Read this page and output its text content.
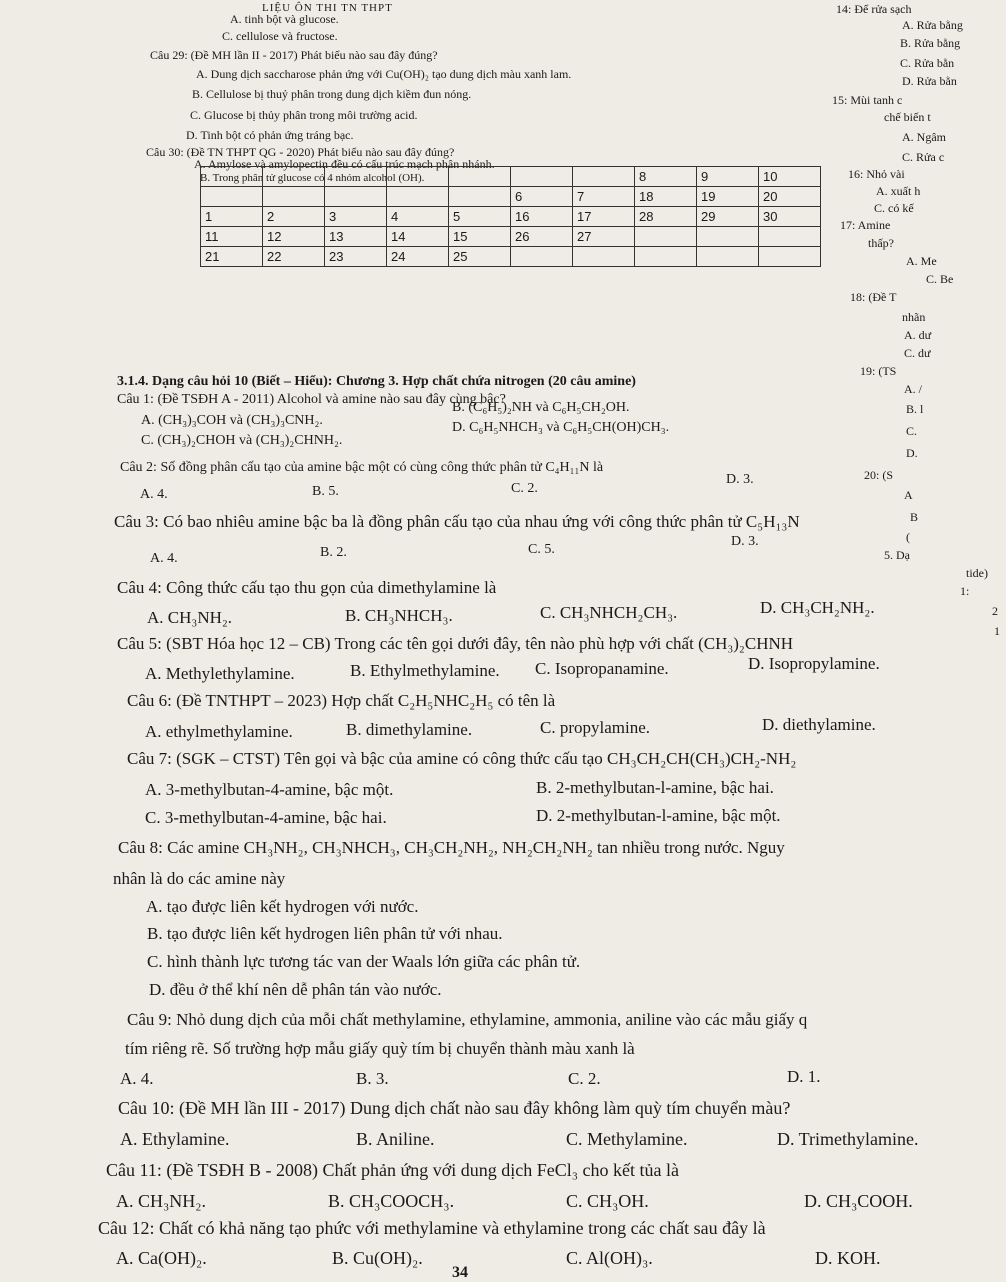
LIỆU ÔN THI TN THPT
A. tinh bột và glucose.
C. cellulose và fructose.
Câu 29: (Đề MH lần II - 2017) Phát biểu nào sau đây đúng?
A. Dung dịch saccharose phản ứng với Cu(OH)₂ tạo dung dịch màu xanh lam.
B. Cellulose bị thuỷ phân trong dung dịch kiềm đun nóng.
C. Glucose bị thủy phân trong môi trường acid.
D. Tinh bột có phản ứng tráng bạc.
Câu 30: (Đề TN THPT QG - 2020) Phát biểu nào sau đây đúng?
A. Amylose và amylopectin đều có cấu trúc mạch phân nhánh.
B. Trong phân tử glucose có 4 nhóm alcohol (OH).
								8	9	10
					6	7	18	19	20
1	2	3	4	5	16	17	28	29	30
11	12	13	14	15	26	27			
21	22	23	24	25					
14: Để rửa sạch
A. Rửa bằng
B. Rửa bằng
C. Rửa bằn
D. Rửa bằn
15: Mùi tanh c
chế biến t
A. Ngâm
C. Rửa c
16: Nhỏ vài
A. xuất h
C. có kế
17: Amine
thấp?
A. Me
C. Be
18: (Đề T
nhãn
A. dư
C. dư
19: (TS
A. /
B. l
C.
D.
20: (S
A
B
(
5. Dạ
tide)
1:
2
1
3.1.4. Dạng câu hỏi 10 (Biết – Hiểu): Chương 3. Hợp chất chứa nitrogen (20 câu amine)
Câu 1: (Đề TSĐH A - 2011) Alcohol và amine nào sau đây cùng bậc?
A. (CH₃)₃COH và (CH₃)₃CNH₂.
B. (C₆H₅)₂NH và C₆H₅CH₂OH.
C. (CH₃)₂CHOH và (CH₃)₂CHNH₂.
D. C₆H₅NHCH₃ và C₆H₅CH(OH)CH₃.
Câu 2: Số đồng phân cấu tạo của amine bậc một có cùng công thức phân tử C₄H₁₁N là
A. 4.	B. 5.	C. 2.
D. 3.
Câu 3: Có bao nhiêu amine bậc ba là đồng phân cấu tạo của nhau ứng với công thức phân tử C₅H₁₃N
A. 4.	B. 2.	C. 5.
D. 3.
Câu 4: Công thức cấu tạo thu gọn của dimethylamine là
A. CH₃NH₂.	B. CH₃NHCH₃.	C. CH₃NHCH₂CH₃.	D. CH₃CH₂NH₂.
Câu 5: (SBT Hóa học 12 – CB) Trong các tên gọi dưới đây, tên nào phù hợp với chất (CH₃)₂CHNH
A. Methylethylamine.	B. Ethylmethylamine. C. Isopropanamine.	D. Isopropylamine.
Câu 6: (Đề TNTHPT – 2023) Hợp chất C₂H₅NHC₂H₅ có tên là
A. ethylmethylamine.	B. dimethylamine.	C. propylamine.	D. diethylamine.
Câu 7: (SGK – CTST) Tên gọi và bậc của amine có công thức cấu tạo CH₃CH₂CH(CH₃)CH₂-NH₂
A. 3-methylbutan-4-amine, bậc một.	B. 2-methylbutan-l-amine, bậc hai.
C. 3-methylbutan-4-amine, bậc hai.	D. 2-methylbutan-l-amine, bậc một.
Câu 8: Các amine CH₃NH₂, CH₃NHCH₃, CH₃CH₂NH₂, NH₂CH₂NH₂ tan nhiều trong nước. Nguy
nhân là do các amine này
A. tạo được liên kết hydrogen với nước.
B. tạo được liên kết hydrogen liên phân tử với nhau.
C. hình thành lực tương tác van der Waals lớn giữa các phân tử.
D. đều ở thể khí nên dễ phân tán vào nước.
Câu 9: Nhỏ dung dịch của mỗi chất methylamine, ethylamine, ammonia, aniline vào các mẫu giấy q
tím riêng rẽ. Số trường hợp mẫu giấy quỳ tím bị chuyển thành màu xanh là
A. 4.	B. 3.	C. 2.	D. 1.
Câu 10: (Đề MH lần III - 2017) Dung dịch chất nào sau đây không làm quỳ tím chuyển màu?
A. Ethylamine.	B. Aniline.	C. Methylamine.	D. Trimethylamine.
Câu 11: (Đề TSĐH B - 2008) Chất phản ứng với dung dịch FeCl₃ cho kết tủa là
A. CH₃NH₂.	B. CH₃COOCH₃.	C. CH₃OH.	D. CH₃COOH.
Câu 12: Chất có khả năng tạo phức với methylamine và ethylamine trong các chất sau đây là
A. Ca(OH)₂.	B. Cu(OH)₂.	C. Al(OH)₃.	D. KOH.
34
